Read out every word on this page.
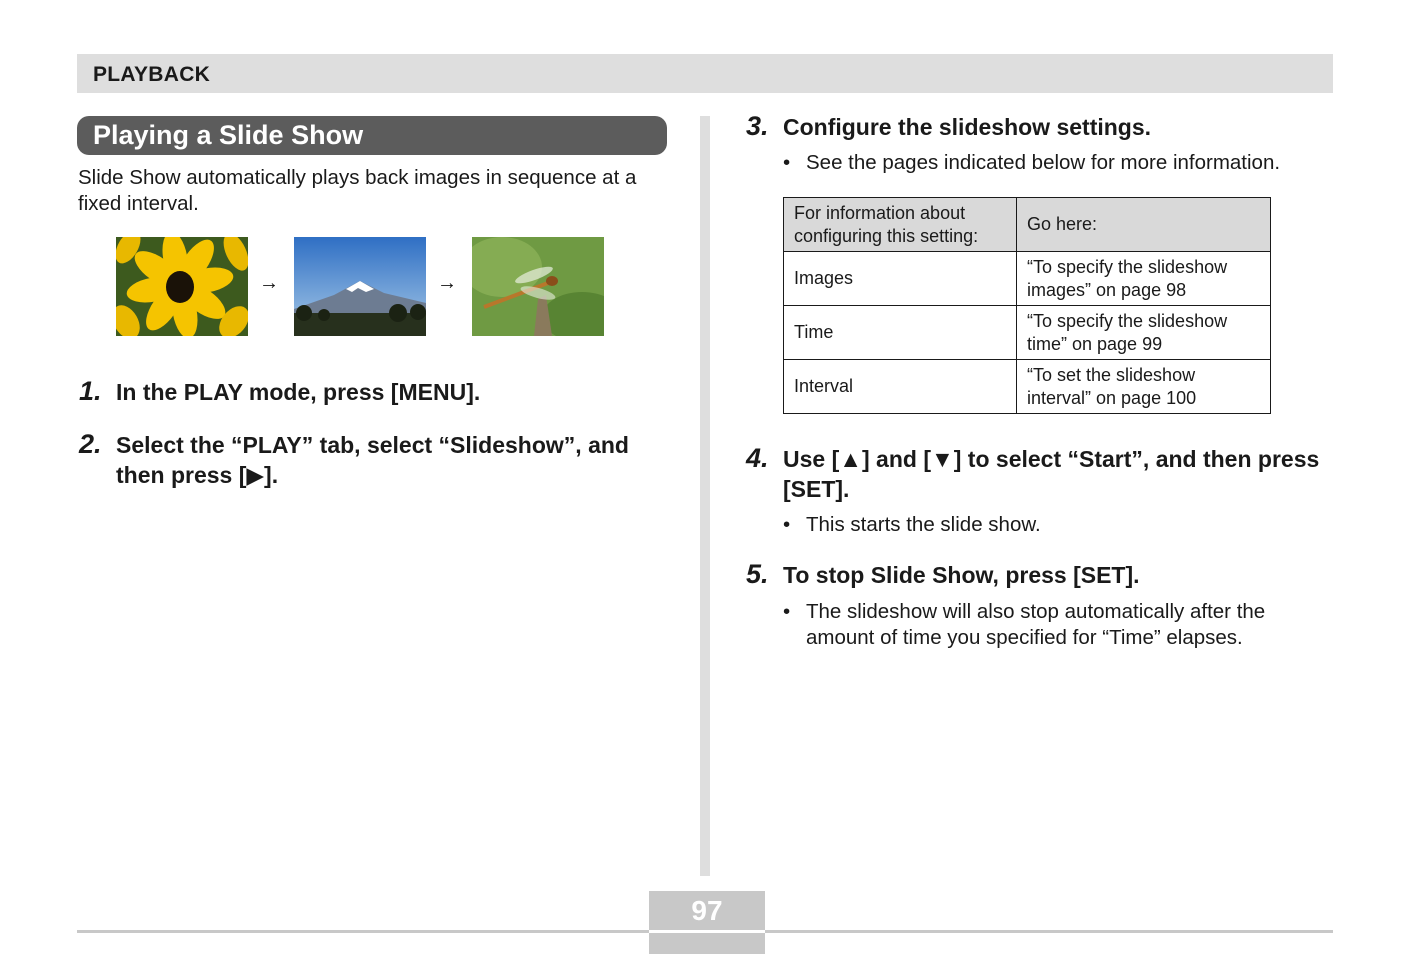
PLAYBACK
Playing a Slide Show
Slide Show automatically plays back images in sequence at a fixed interval.
→	→
1. In the PLAY mode, press [MENU].
2. Select the “PLAY” tab, select “Slideshow”, and then press [▶].
3. Configure the slideshow settings.
• See the pages indicated below for more information.
For information about configuring this setting:	Go here:
Images	“To specify the slideshow images” on page 98
Time	“To specify the slideshow time” on page 99
Interval	“To set the slideshow interval” on page 100
4. Use [▲] and [▼] to select “Start”, and then press [SET].
• This starts the slide show.
5. To stop Slide Show, press [SET].
• The slideshow will also stop automatically after the amount of time you specified for “Time” elapses.
97
